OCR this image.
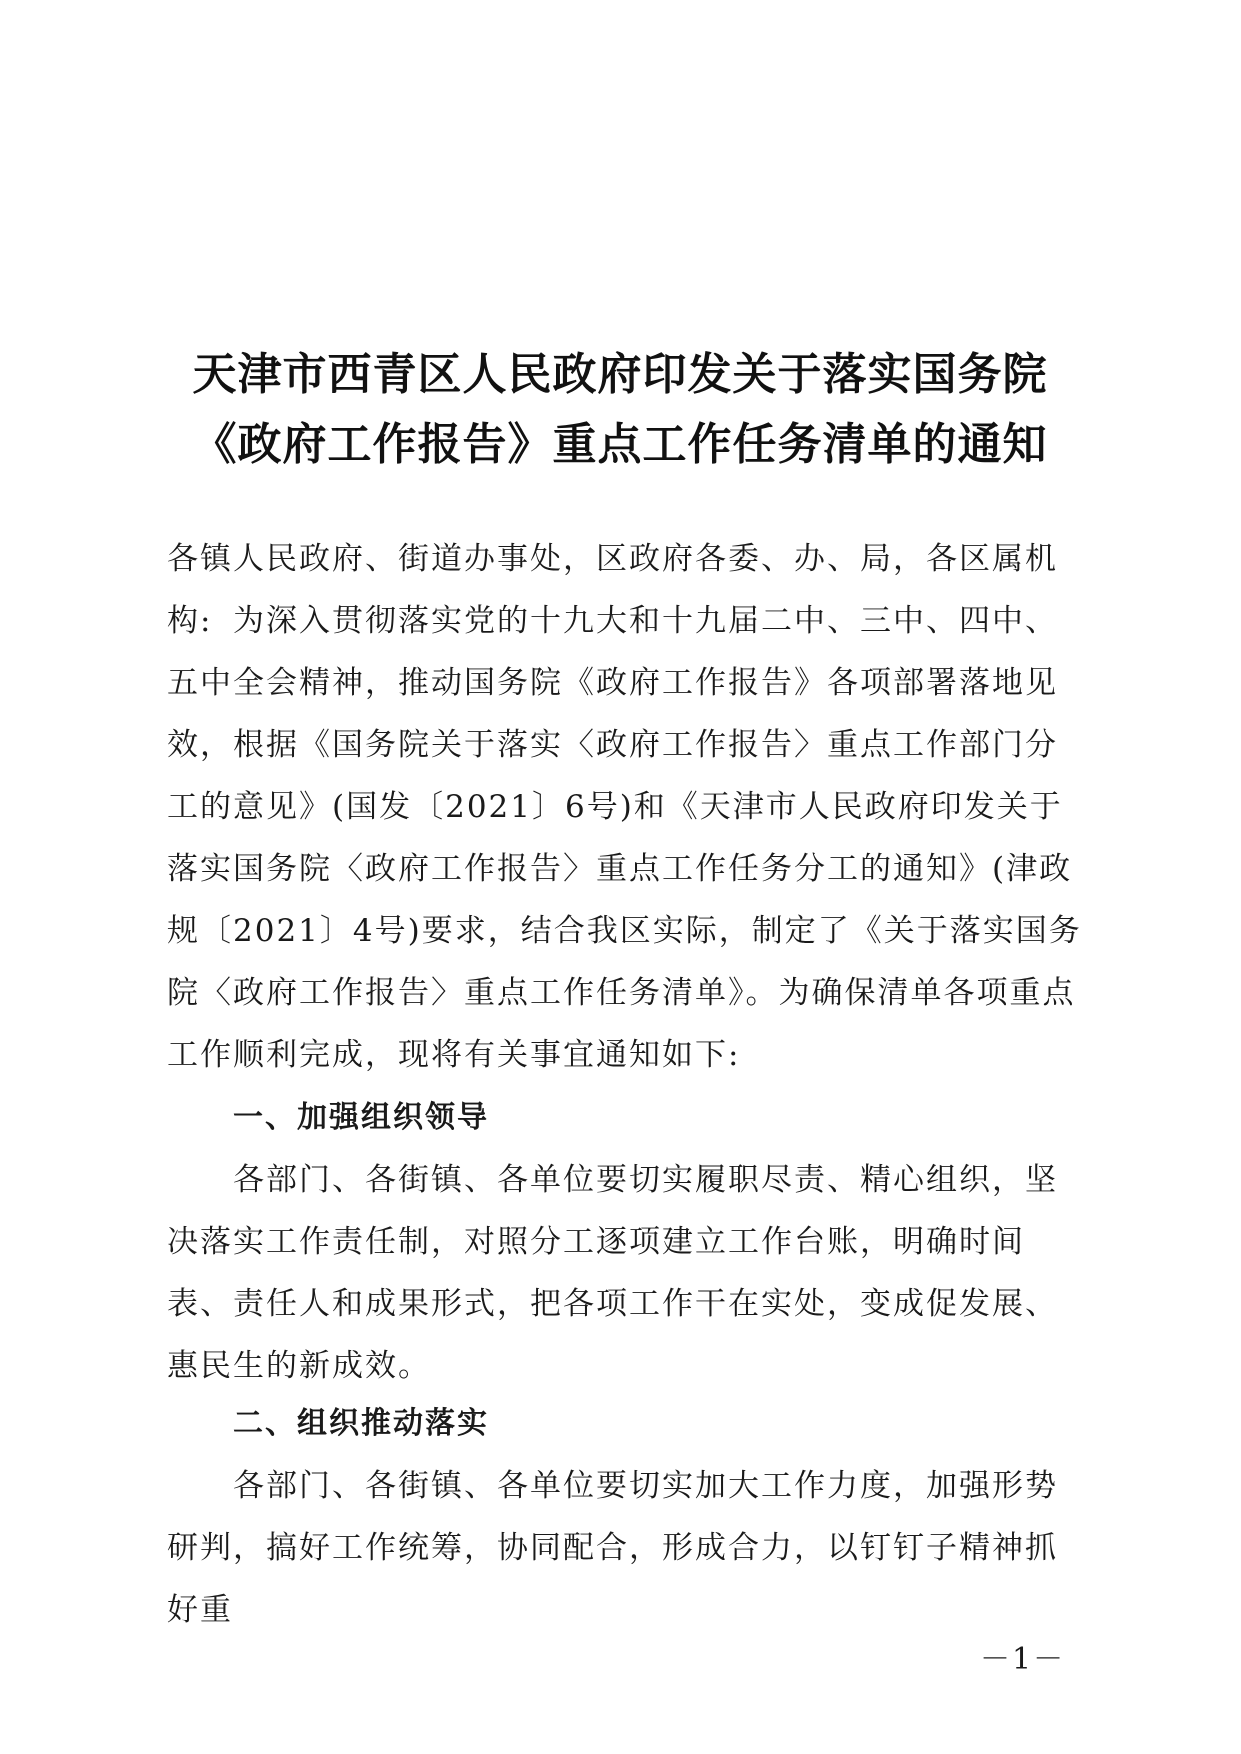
天津市西青区人民政府印发关于落实国务院
《政府工作报告》重点工作任务清单的通知
各镇人民政府、街道办事处，区政府各委、办、局，各区属机构: 为深入贯彻落实党的十九大和十九届二中、三中、四中、五中全会精神，推动国务院《政府工作报告》各项部署落地见效，根据《国务院关于落实〈政府工作报告〉重点工作部门分工的意见》(国发〔2021〕6号)和《天津市人民政府印发关于落实国务院〈政府工作报告〉重点工作任务分工的通知》(津政规〔2021〕4号)要求，结合我区实际，制定了《关于落实国务院〈政府工作报告〉重点工作任务清单》。为确保清单各项重点工作顺利完成，现将有关事宜通知如下:
一、加强组织领导
各部门、各街镇、各单位要切实履职尽责、精心组织，坚决落实工作责任制，对照分工逐项建立工作台账，明确时间表、责任人和成果形式，把各项工作干在实处，变成促发展、惠民生的新成效。
二、组织推动落实
各部门、各街镇、各单位要切实加大工作力度，加强形势研判，搞好工作统筹，协同配合，形成合力，以钉钉子精神抓好重
－1－
